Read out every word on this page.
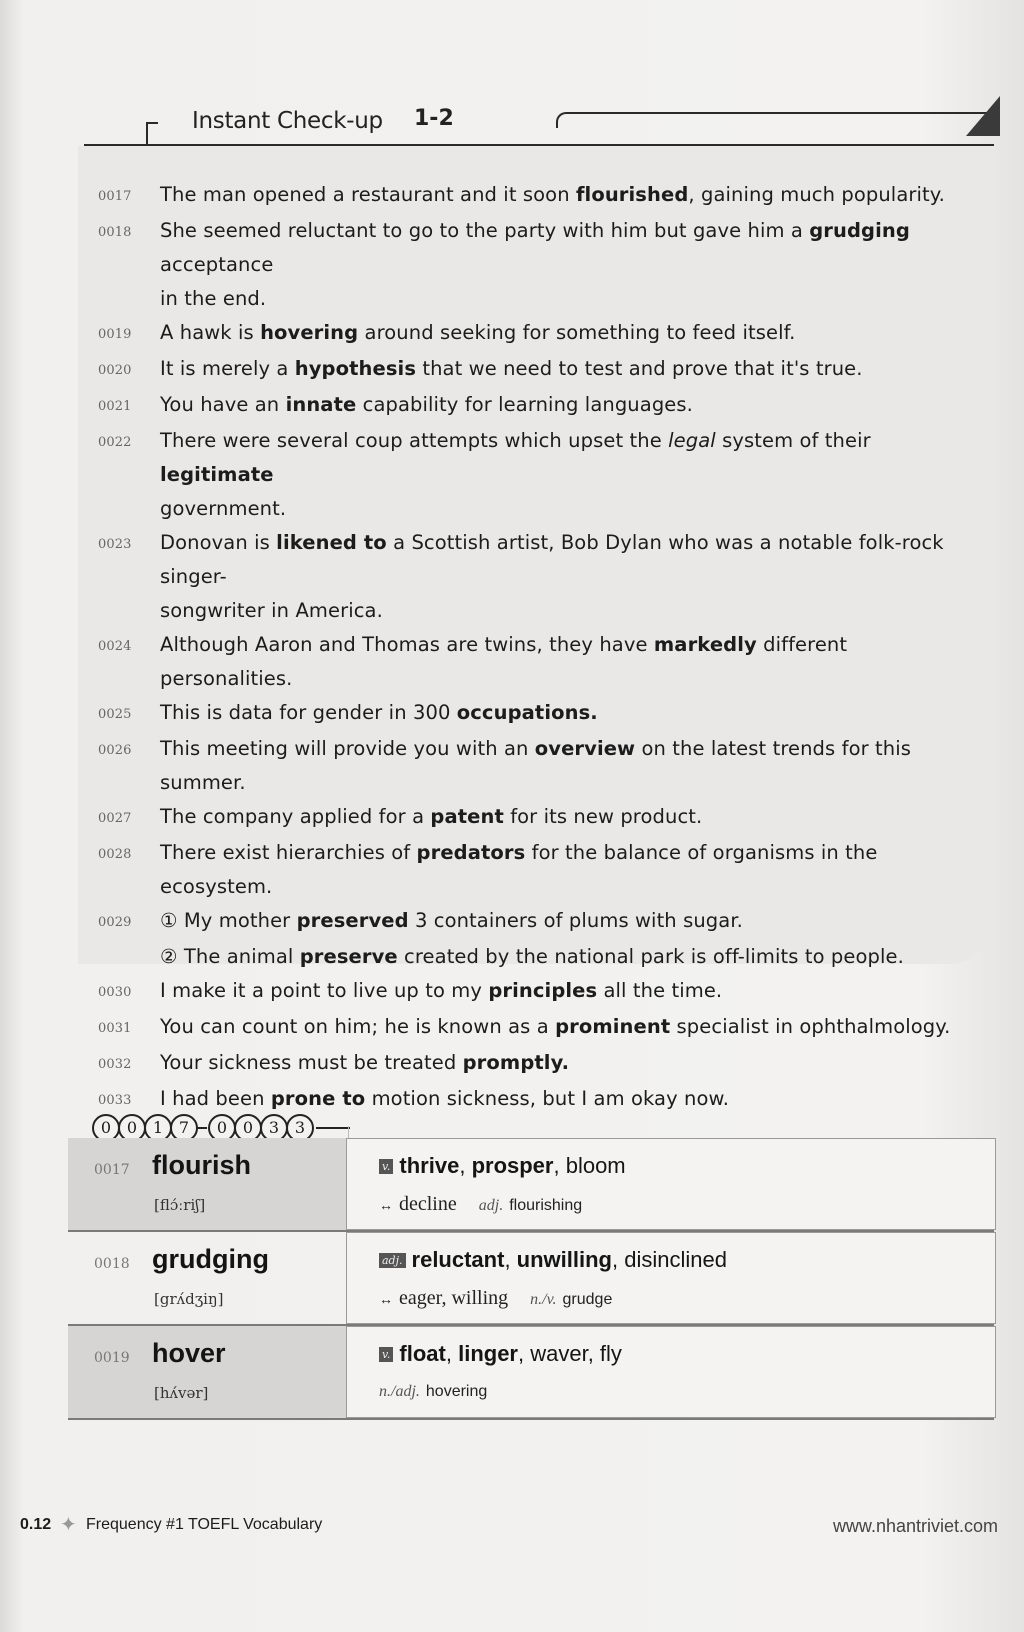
Instant Check-up 1-2
0017	The man opened a restaurant and it soon flourished, gaining much popularity.
0018	She seemed reluctant to go to the party with him but gave him a grudging acceptance
in the end.
0019	A hawk is hovering around seeking for something to feed itself.
0020	It is merely a hypothesis that we need to test and prove that it's true.
0021	You have an innate capability for learning languages.
0022	There were several coup attempts which upset the legal system of their legitimate
government.
0023	Donovan is likened to a Scottish artist, Bob Dylan who was a notable folk-rock singer-
songwriter in America.
0024	Although Aaron and Thomas are twins, they have markedly different personalities.
0025	This is data for gender in 300 occupations.
0026	This meeting will provide you with an overview on the latest trends for this summer.
0027	The company applied for a patent for its new product.
0028	There exist hierarchies of predators for the balance of organisms in the ecosystem.
0029	① My mother preserved 3 containers of plums with sugar.
② The animal preserve created by the national park is off-limits to people.
0030	I make it a point to live up to my principles all the time.
0031	You can count on him; he is known as a prominent specialist in ophthalmology.
0032	Your sickness must be treated promptly.
0033	I had been prone to motion sickness, but I am okay now.
0 0 1 7	0 0 3 3
0017 flourish
[flɔ́ːriʃ]
v. thrive, prosper, bloom
↔ decline adj. flourishing
0018 grudging
[grʌ́dʒiŋ]
adj. reluctant, unwilling, disinclined
↔ eager, willing n./v. grudge
0019 hover
[hʌ́vər]
v. float, linger, waver, fly
n./adj. hovering
0.12 ✦ Frequency #1 TOEFL Vocabulary	www.nhantriviet.com
